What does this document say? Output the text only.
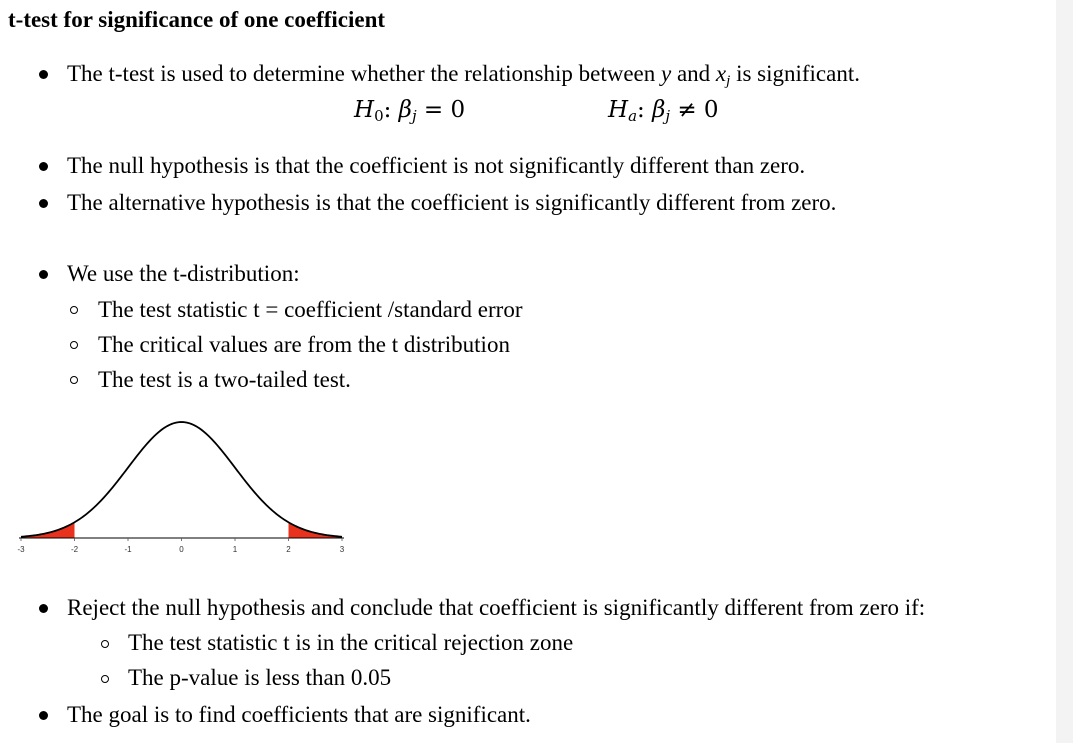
t-test for significance of one coefficient
The t-test is used to determine whether the relationship between y and $x_j$ is significant.
$H_0$: $\beta_j = 0$	$H_a$: $\beta_j \ne 0$
The null hypothesis is that the coefficient is not significantly different than zero.
The alternative hypothesis is that the coefficient is significantly different from zero.
We use the t-distribution:
The test statistic t = coefficient /standard error
The critical values are from the t distribution
The test is a two-tailed test.
-3	-2	-1	0	1	2	3
Reject the null hypothesis and conclude that coefficient is significantly different from zero if:
The test statistic t is in the critical rejection zone
The p-value is less than 0.05
The goal is to find coefficients that are significant.
